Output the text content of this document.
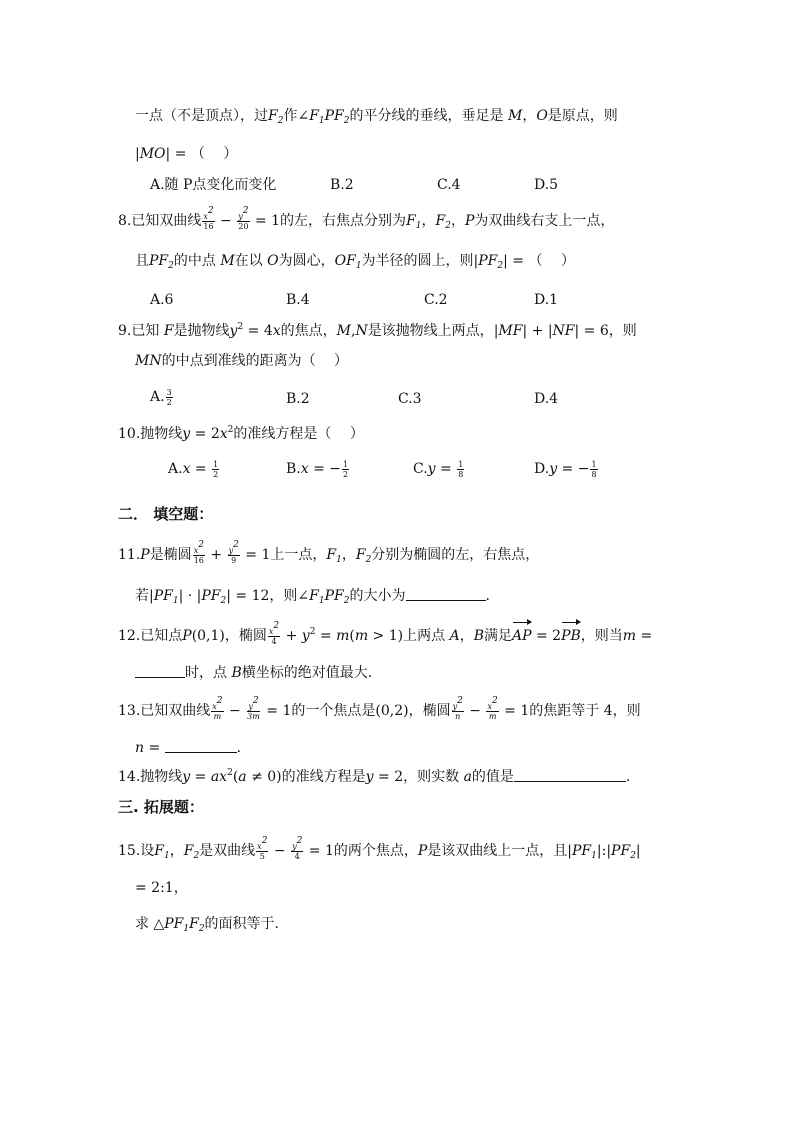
一点（不是顶点），过$F_2$作$\angle F_1PF_2$的平分线的垂线，垂足是 M，O是原点，则
|MO| = （　 ）
A.随 P点变化而变化	B.2	C.4	D.5
8.已知双曲线 $\frac{x^2}{16} - \frac{y^2}{20} = 1$的左，右焦点分别为$F_1$，$F_2$，P为双曲线右支上一点，
且$PF_2$的中点 M在以 O为圆心，$OF_1$为半径的圆上，则$|PF_2|$ = （　 ）
A.6	B.4	C.2	D.1
9.已知 F是抛物线$y^2 = 4x$的焦点，M,N是该抛物线上两点，|MF| + |NF| = 6，则
MN的中点到准线的距离为（　 ）
A. $\frac{3}{2}$	B.2	C.3	D.4
10.抛物线$y = 2x^2$的准线方程是（　 ）
$A.x = \frac{1}{2}$	B.x = − $\frac{1}{2}$	$C.y = \frac{1}{8}$	D.y = − $\frac{1}{8}$
二． 填空题：
11.P是椭圆 $\frac{x^2}{16} + \frac{y^2}{9} = 1$上一点，$F_1$，$F_2$分别为椭圆的左，右焦点，
若$|PF_1| \cdot |PF_2| = 12$，则$\angle F_1PF_2$的大小为	.
12.已知点P(0,1)，椭圆 $\frac{x^2}{4} + y^2 = m(m > 1)$上两点 A，B满足AP = 2PB，则当m =
时，点 B横坐标的绝对值最大.
13.已知双曲线 $\frac{x^2}{m} - \frac{y^2}{3m} = 1$的一个焦点是(0,2)，椭圆 $\frac{y^2}{n} - \frac{x^2}{m} = 1$的焦距等于 4，则
n =	.
14.抛物线$y = ax^2(a \ne 0)$的准线方程是y = 2，则实数 a的值是	.
三. 拓展题：
15.设$F_1$，$F_2$是双曲线 $\frac{x^2}{5} - \frac{y^2}{4} = 1$的两个焦点，P是该双曲线上一点，且$|PF_1|:|PF_2|$
= 2:1，
求 $\triangle PF_1F_2$的面积等于.
